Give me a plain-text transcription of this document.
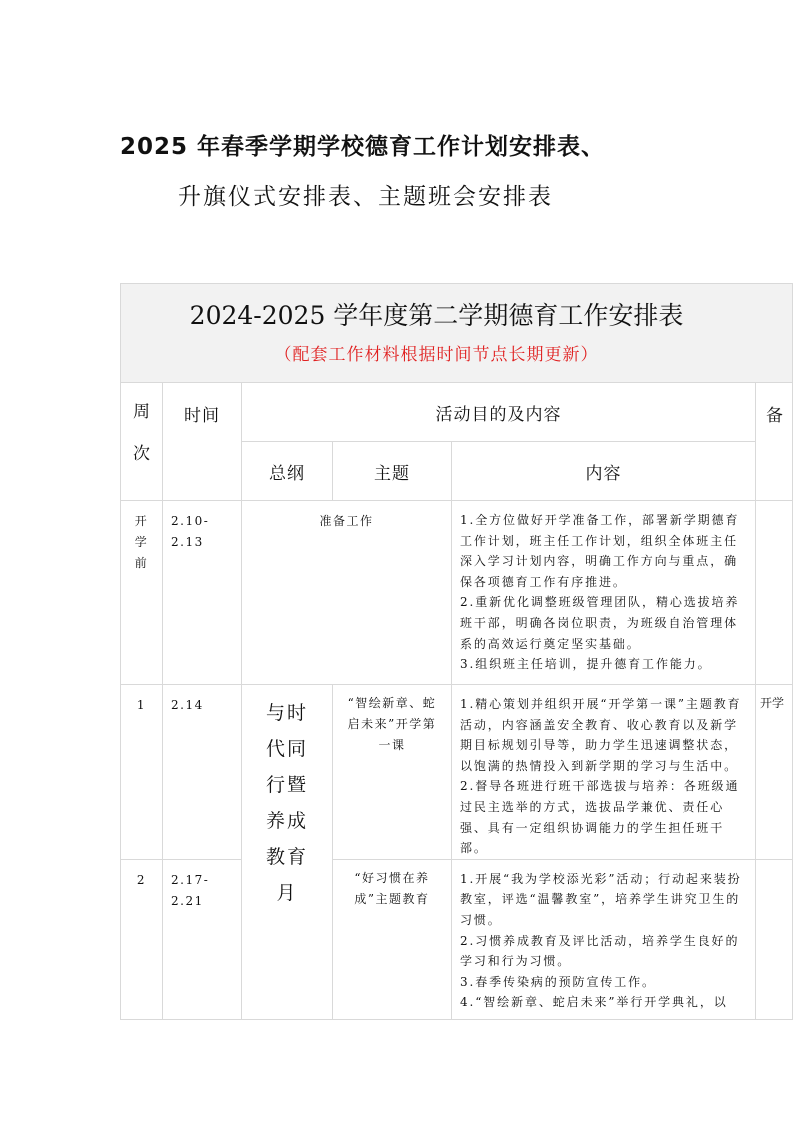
2025 年春季学期学校德育工作计划安排表、
升旗仪式安排表、主题班会安排表
2024-2025 学年度第二学期德育工作安排表
（配套工作材料根据时间节点长期更新）					

周次	时间	活动目的及内容			备
		总纲	主题	内容	
开学前	2.10-2.13	准备工作		1.全方位做好开学准备工作，部署新学期德育工作计划，班主任工作计划，组织全体班主任深入学习计划内容，明确工作方向与重点，确保各项德育工作有序推进。
2.重新优化调整班级管理团队，精心选拔培养班干部，明确各岗位职责，为班级自治管理体系的高效运行奠定坚实基础。
3.组织班主任培训，提升德育工作能力。	

1	2.14	与时代同行暨养成教育月	“智绘新章、蛇启未来”开学第一课	1.精心策划并组织开展“开学第一课”主题教育活动，内容涵盖安全教育、收心教育以及新学期目标规划引导等，助力学生迅速调整状态，以饱满的热情投入到新学期的学习与生活中。
2.督导各班进行班干部选拔与培养：各班级通过民主选举的方式，选拔品学兼优、责任心强、具有一定组织协调能力的学生担任班干部。	开学
2	2.17-2.21		“好习惯在养成”主题教育	1.开展“我为学校添光彩”活动；行动起来装扮教室，评选“温馨教室”，培养学生讲究卫生的习惯。
2.习惯养成教育及评比活动，培养学生良好的学习和行为习惯。
3.春季传染病的预防宣传工作。
4.“智绘新章、蛇启未来”举行开学典礼，以	
